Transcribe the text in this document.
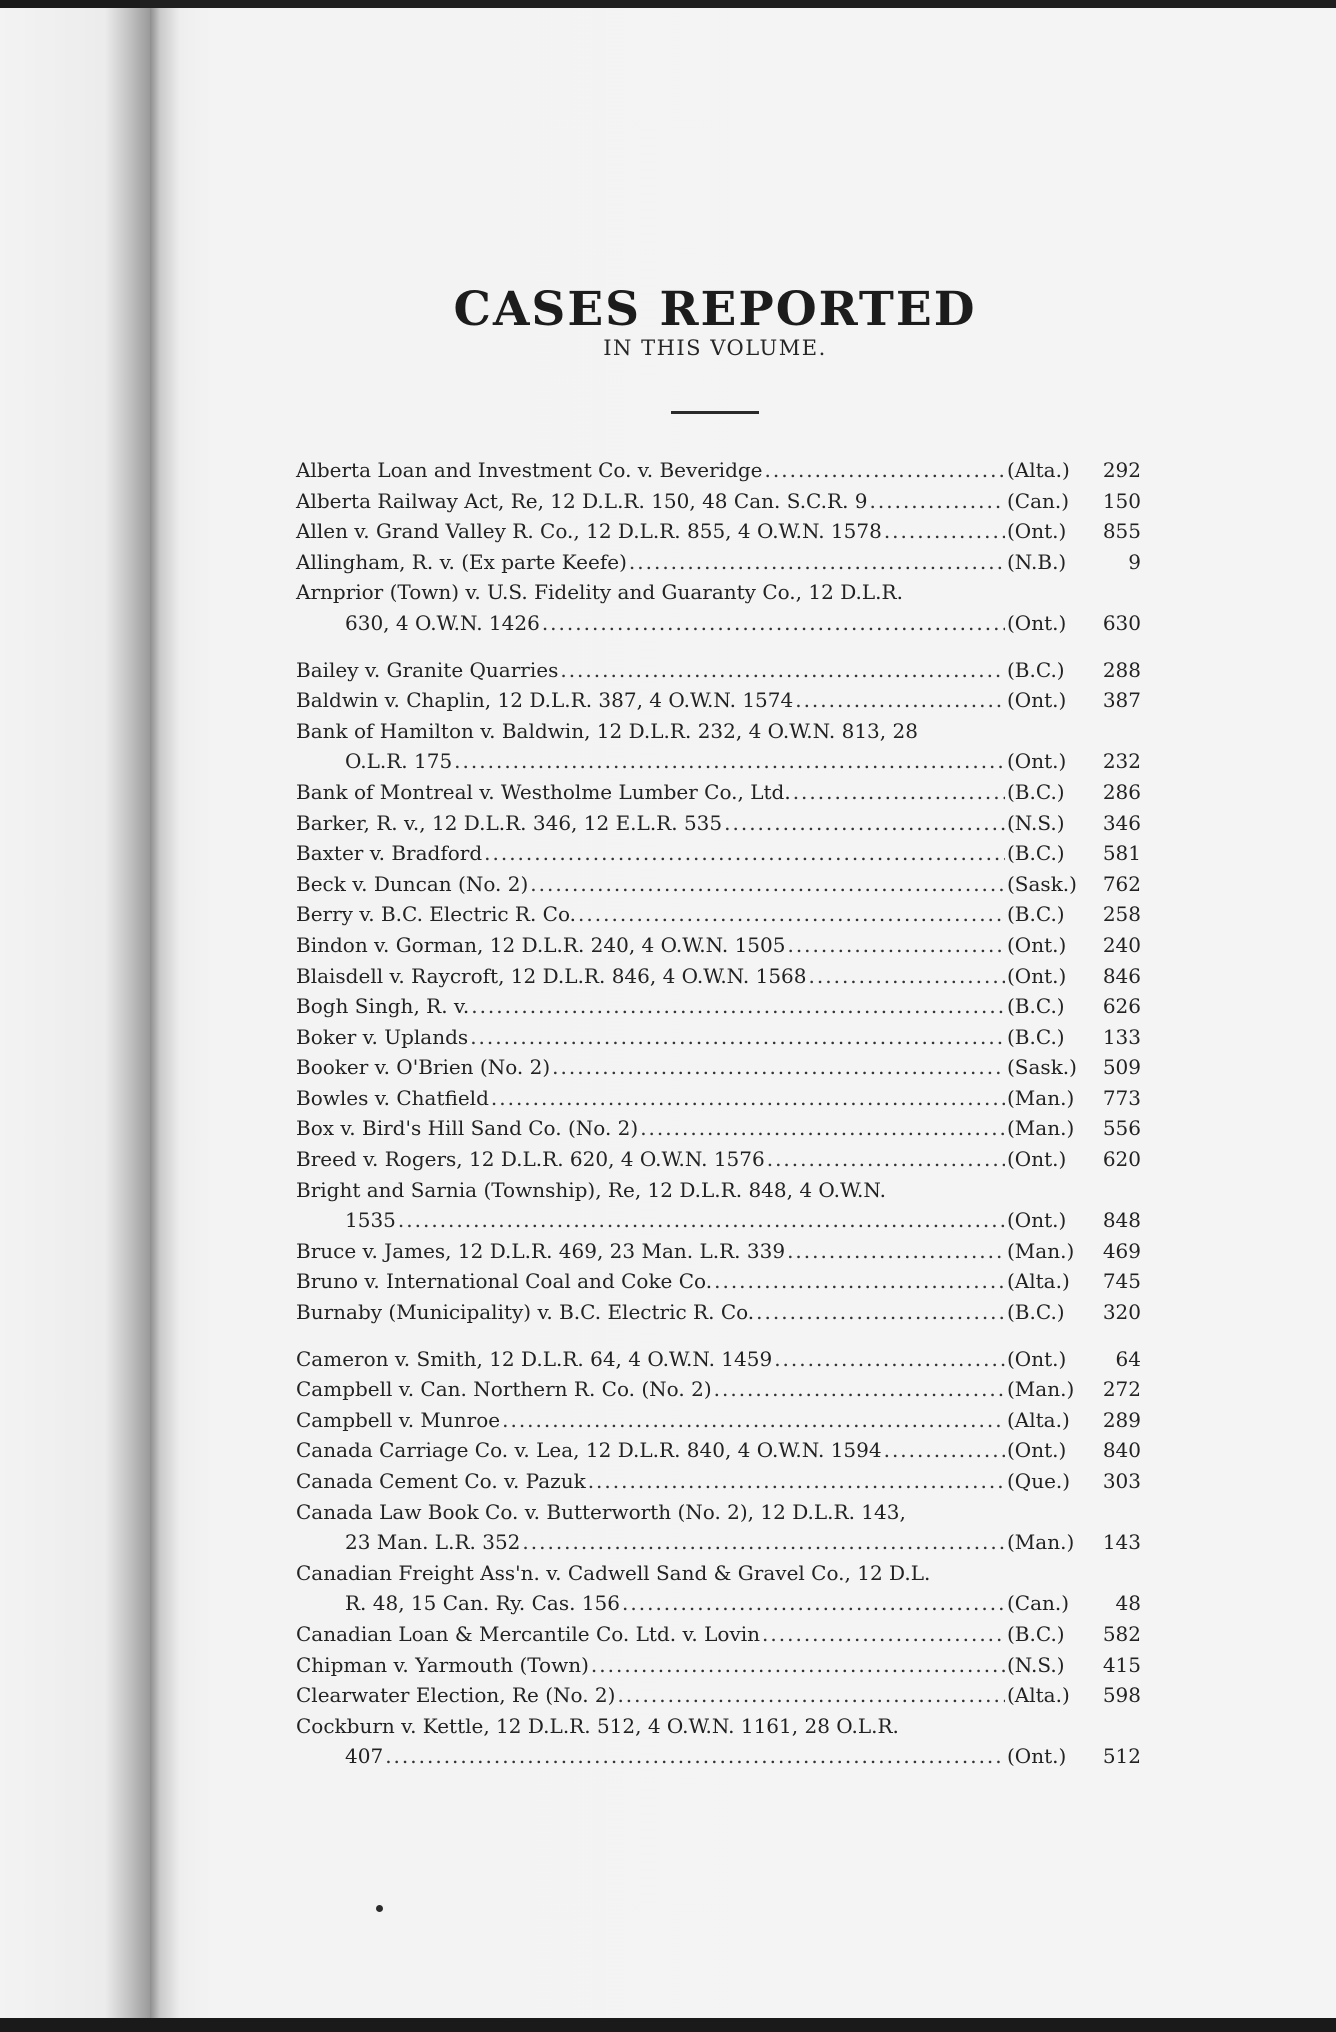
CASES REPORTED
IN THIS VOLUME.
Alberta Loan and Investment Co. v. Beveridge .....	(Alta.)	292
Alberta Railway Act, Re, 12 D.L.R. 150, 48 Can. S.C.R. 9 .....	(Can.)	150
Allen v. Grand Valley R. Co., 12 D.L.R. 855, 4 O.W.N. 1578 .....	(Ont.)	855
Allingham, R. v. (Ex parte Keefe) .....	(N.B.)	9
Arnprior (Town) v. U.S. Fidelity and Guaranty Co., 12 D.L.R.
630, 4 O.W.N. 1426 .....	(Ont.)	630
Bailey v. Granite Quarries .....	(B.C.)	288
Baldwin v. Chaplin, 12 D.L.R. 387, 4 O.W.N. 1574 .....	(Ont.)	387
Bank of Hamilton v. Baldwin, 12 D.L.R. 232, 4 O.W.N. 813, 28
O.L.R. 175 .....	(Ont.)	232
Bank of Montreal v. Westholme Lumber Co., Ltd. .....	(B.C.)	286
Barker, R. v., 12 D.L.R. 346, 12 E.L.R. 535 .....	(N.S.)	346
Baxter v. Bradford .....	(B.C.)	581
Beck v. Duncan (No. 2) .....	(Sask.)	762
Berry v. B.C. Electric R. Co. .....	(B.C.)	258
Bindon v. Gorman, 12 D.L.R. 240, 4 O.W.N. 1505 .....	(Ont.)	240
Blaisdell v. Raycroft, 12 D.L.R. 846, 4 O.W.N. 1568 .....	(Ont.)	846
Bogh Singh, R. v. .....	(B.C.)	626
Boker v. Uplands .....	(B.C.)	133
Booker v. O'Brien (No. 2) .....	(Sask.)	509
Bowles v. Chatfield .....	(Man.)	773
Box v. Bird's Hill Sand Co. (No. 2) .....	(Man.)	556
Breed v. Rogers, 12 D.L.R. 620, 4 O.W.N. 1576 .....	(Ont.)	620
Bright and Sarnia (Township), Re, 12 D.L.R. 848, 4 O.W.N.
1535 .....	(Ont.)	848
Bruce v. James, 12 D.L.R. 469, 23 Man. L.R. 339 .....	(Man.)	469
Bruno v. International Coal and Coke Co. .....	(Alta.)	745
Burnaby (Municipality) v. B.C. Electric R. Co. .....	(B.C.)	320
Cameron v. Smith, 12 D.L.R. 64, 4 O.W.N. 1459 .....	(Ont.)	64
Campbell v. Can. Northern R. Co. (No. 2) .....	(Man.)	272
Campbell v. Munroe .....	(Alta.)	289
Canada Carriage Co. v. Lea, 12 D.L.R. 840, 4 O.W.N. 1594 .....	(Ont.)	840
Canada Cement Co. v. Pazuk .....	(Que.)	303
Canada Law Book Co. v. Butterworth (No. 2), 12 D.L.R. 143,
23 Man. L.R. 352 .....	(Man.)	143
Canadian Freight Ass'n. v. Cadwell Sand & Gravel Co., 12 D.L.
R. 48, 15 Can. Ry. Cas. 156 .....	(Can.)	48
Canadian Loan & Mercantile Co. Ltd. v. Lovin .....	(B.C.)	582
Chipman v. Yarmouth (Town) .....	(N.S.)	415
Clearwater Election, Re (No. 2) .....	(Alta.)	598
Cockburn v. Kettle, 12 D.L.R. 512, 4 O.W.N. 1161, 28 O.L.R.
407 .....	(Ont.)	512
